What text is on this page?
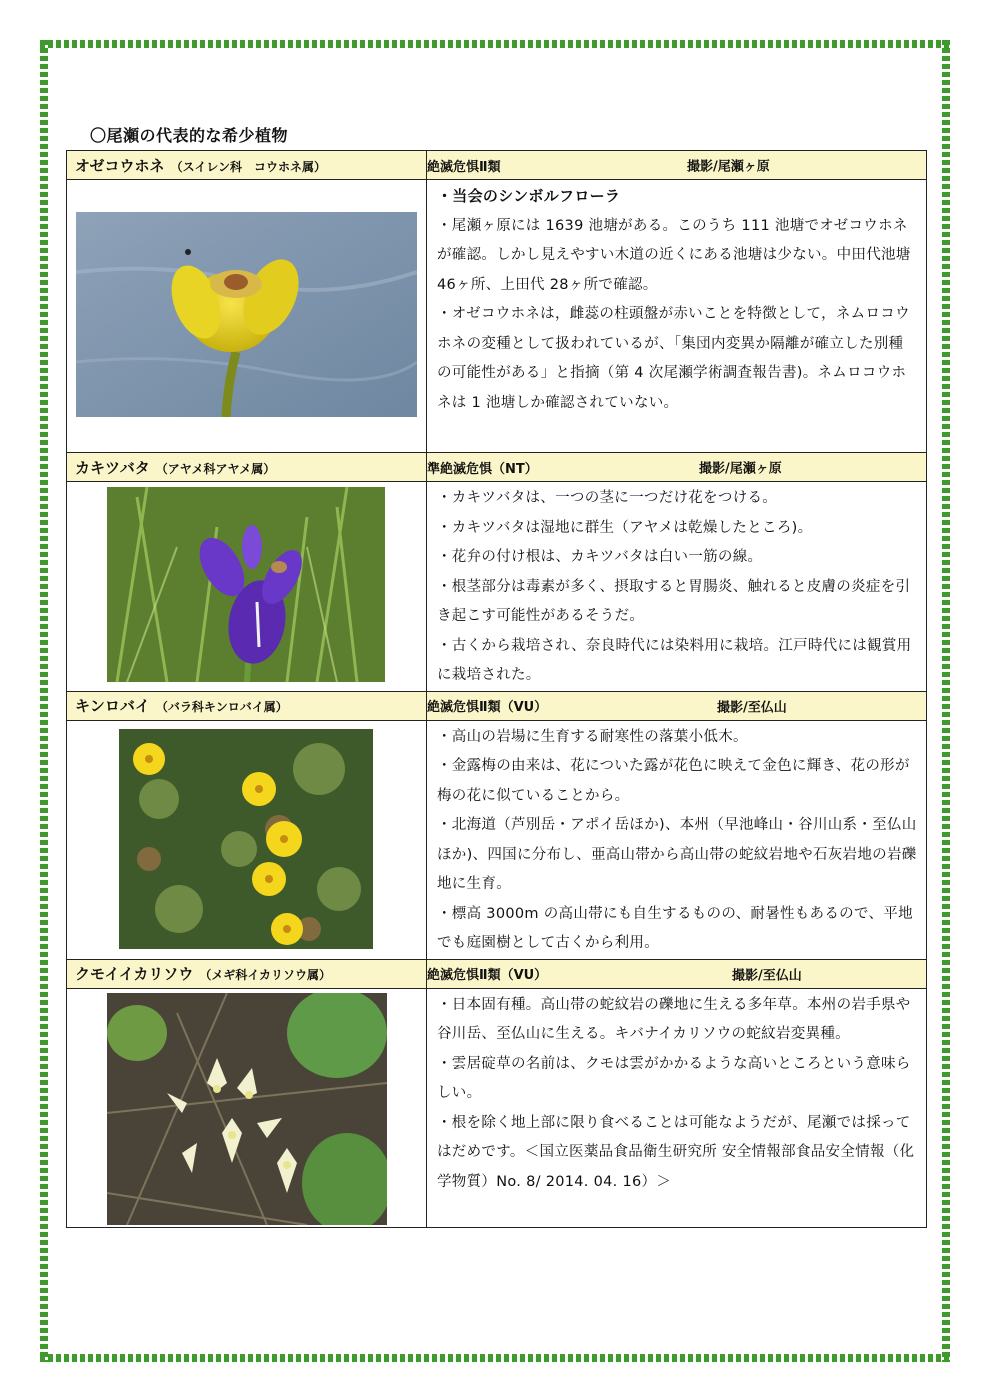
〇尾瀬の代表的な希少植物
オゼコウホネ （スイレン科　コウホネ属）	絶滅危惧Ⅱ類 撮影/尾瀬ヶ原

・当会のシンボルフローラ

・尾瀬ヶ原には 1639 池塘がある。このうち 111 池塘でオゼコウホネが確認。しかし見えやすい木道の近くにある池塘は少ない。中田代池塘 46ヶ所、上田代 28ヶ所で確認。

・オゼコウホネは，雌蕊の柱頭盤が赤いことを特徴として，ネムロコウホネの変種として扱われているが、「集団内変異か隔離が確立した別種の可能性がある」と指摘（第 4 次尾瀬学術調査報告書)。ネムロコウホネは 1 池塘しか確認されていない。

カキツバタ （アヤメ科アヤメ属）	準絶滅危惧（NT） 撮影/尾瀬ヶ原

・カキツバタは、一つの茎に一つだけ花をつける。

・カキツバタは湿地に群生（アヤメは乾燥したところ)。

・花弁の付け根は、カキツバタは白い一筋の線。

・根茎部分は毒素が多く、摂取すると胃腸炎、触れると皮膚の炎症を引き起こす可能性があるそうだ。

・古くから栽培され、奈良時代には染料用に栽培。江戸時代には観賞用に栽培された。

キンロバイ （バラ科キンロバイ属）	絶滅危惧Ⅱ類（VU） 撮影/至仏山

・高山の岩場に生育する耐寒性の落葉小低木。

・金露梅の由来は、花についた露が花色に映えて金色に輝き、花の形が梅の花に似ていることから。

・北海道（芦別岳・アポイ岳ほか)、本州（早池峰山・谷川山系・至仏山ほか)、四国に分布し、亜高山帯から高山帯の蛇紋岩地や石灰岩地の岩礫地に生育。

・標高 3000m の高山帯にも自生するものの、耐暑性もあるので、平地でも庭園樹として古くから利用。

クモイイカリソウ （メギ科イカリソウ属）	絶滅危惧Ⅱ類（VU） 撮影/至仏山

・日本固有種。高山帯の蛇紋岩の礫地に生える多年草。本州の岩手県や谷川岳、至仏山に生える。キバナイカリソウの蛇紋岩変異種。

・雲居碇草の名前は、クモは雲がかかるような高いところという意味らしい。

・根を除く地上部に限り食べることは可能なようだが、尾瀬では採ってはだめです。＜国立医薬品食品衛生研究所 安全情報部食品安全情報（化学物質）No. 8/ 2014. 04. 16）＞
